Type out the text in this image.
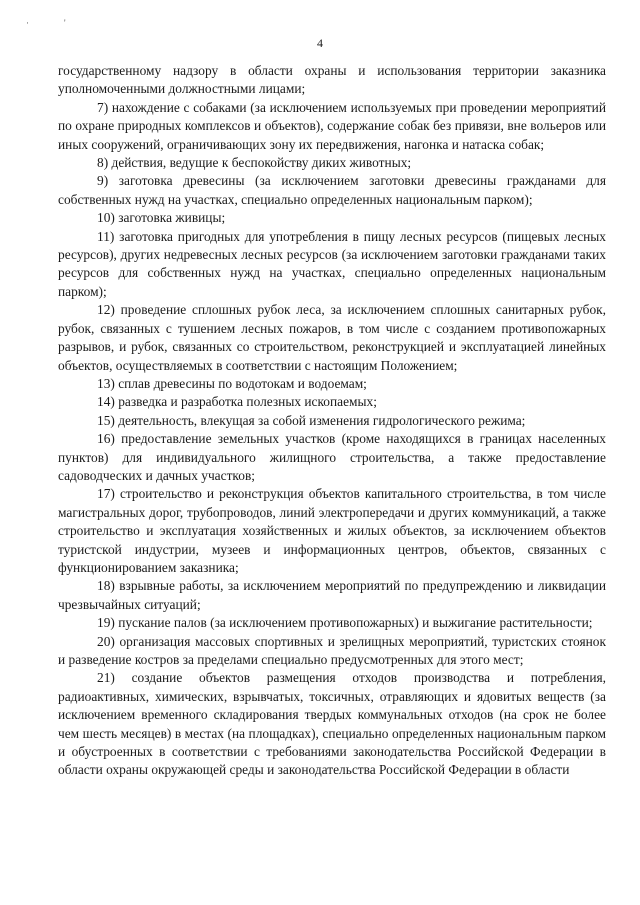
·	'
4

государственному надзору в области охраны и использования территории заказника уполномоченными должностными лицами;

7) нахождение с собаками (за исключением используемых при проведении мероприятий по охране природных комплексов и объектов), содержание собак без привязи, вне вольеров или иных сооружений, ограничивающих зону их передвижения, нагонка и натаска собак;

8) действия, ведущие к беспокойству диких животных;

9) заготовка древесины (за исключением заготовки древесины гражданами для собственных нужд на участках, специально определенных национальным парком);

10) заготовка живицы;

11) заготовка пригодных для употребления в пищу лесных ресурсов (пищевых лесных ресурсов), других недревесных лесных ресурсов (за исключением заготовки гражданами таких ресурсов для собственных нужд на участках, специально определенных национальным парком);

12) проведение сплошных рубок леса, за исключением сплошных санитарных рубок, рубок, связанных с тушением лесных пожаров, в том числе с созданием противопожарных разрывов, и рубок, связанных со строительством, реконструкцией и эксплуатацией линейных объектов, осуществляемых в соответствии с настоящим Положением;

13) сплав древесины по водотокам и водоемам;

14) разведка и разработка полезных ископаемых;

15) деятельность, влекущая за собой изменения гидрологического режима;

16) предоставление земельных участков (кроме находящихся в границах населенных пунктов) для индивидуального жилищного строительства, а также предоставление садоводческих и дачных участков;

17) строительство и реконструкция объектов капитального строительства, в том числе магистральных дорог, трубопроводов, линий электропередачи и других коммуникаций, а также строительство и эксплуатация хозяйственных и жилых объектов, за исключением объектов туристской индустрии, музеев и информационных центров, объектов, связанных с функционированием заказника;

18) взрывные работы, за исключением мероприятий по предупреждению и ликвидации чрезвычайных ситуаций;

19) пускание палов (за исключением противопожарных) и выжигание растительности;

20) организация массовых спортивных и зрелищных мероприятий, туристских стоянок и разведение костров за пределами специально предусмотренных для этого мест;

21) создание объектов размещения отходов производства и потребления, радиоактивных, химических, взрывчатых, токсичных, отравляющих и ядовитых веществ (за исключением временного складирования твердых коммунальных отходов (на срок не более чем шесть месяцев) в местах (на площадках), специально определенных национальным парком и обустроенных в соответствии с требованиями законодательства Российской Федерации в области охраны окружающей среды и законодательства Российской Федерации в области
